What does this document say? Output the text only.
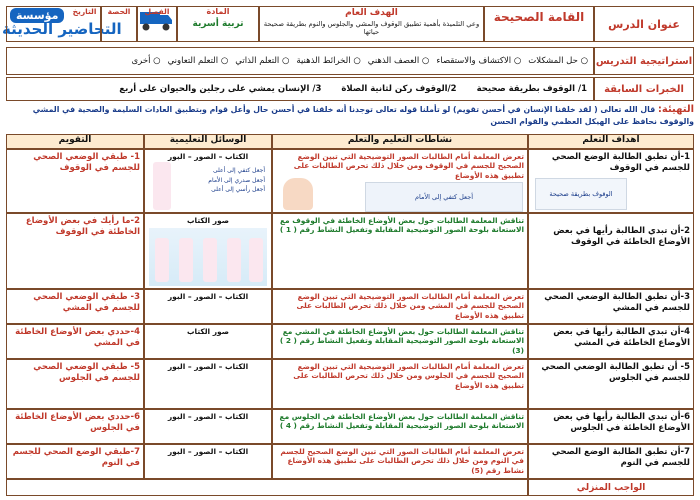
مؤسسة
التحاضير الحديثة	عنوان الدرس
القامة الصحيحة
الهدف العام
وعي التلميذة بأهمية تطبيق الوقوف والمشي والجلوس والنوم بطريقة صحيحة حياتها
المادة
تربية أسرية
الفصل
الحصة
التاريخ
استراتيجية التدريس
○ حل المشكلات
○ الاكتشاف والاستقصاء
○ العصف الذهني
○ الخرائط الذهنية
○ التعلم الذاتي
○ التعلم التعاوني
○ أخرى
الخبرات السابقة
1/ الوقوف بطريقة صحيحة
2/الوقوف ركن لثانية الصلاة
3/ الإنسان يمشي على رجلين والحيوان على أربع
التهيئة: قال الله تعالى ( لقد خلقنا الإنسان في أحسن تقويم) لو تأملنا قوله تعالى توجدنا أنه خلقنا في أحسن حال وأعل قوام وبتطبيق العادات السليمة والصحية في المشي والوقوف نحافظ على الهيكل العظمي والقوام الحسن
اهداف التعلم
نشاطات التعليم والتعلم
الوسائل التعليمية
التقويم
1-أن تطبق الطالبة الوضع الصحي للجسم في الوقوف
الوقوف بطريقة صحيحة
تعرض المعلمة أمام الطالبات الصور التوضيحية التي تبين الوضع الصحيح للجسم في الوقوف ومن خلال ذلك تحرص الطالبات على تطبيق هذه الأوضاع
أجعل كتفي إلى الأمام
الكتاب – الصور – البور
أجعل كتفي إلى أعلى
أجعل صدري إلى الأمام
أجعل رأسي إلى أعلى
1- طبقي الوضعي الصحي للجسم في الوقوف
2-أن تبدي الطالبة رأيها في بعض الأوضاع الخاطئة في الوقوف
تناقش المعلمة الطالبات حول بعض الأوضاع الخاطئة في الوقوف مع الاستعانة بلوحة الصور التوضيحية المقابلة وتفعيل النشاط رقم ( 1 )
صور الكتاب
2-ما رأيك في بعض الأوضاع الخاطئة في الوقوف
3-أن تطبق الطالبة الوضعي الصحي للجسم في المشي
تعرض المعلمة أمام الطالبات الصور التوضيحية التي تبين الوضع الصحيح للجسم في المشي ومن خلال ذلك تحرص الطالبات على تطبيق هذه الأوضاع
الكتاب – الصور – البور
3- طبقي الوضعي الصحي للجسم في المشي
4-أن تبدي الطالبة رأيها في بعض الأوضاع الخاطئة في المشي
تناقش المعلمة الطالبات حول بعض الأوضاع الخاطئة في المشي مع الاستعانة بلوحة الصور التوضيحية المقابلة وتفعيل النشاط رقم ( 2 ) (3)
صور الكتاب
4-حددي بعض الأوضاع الخاطئة في المشي
5- أن تطبق الطالبة الوضعي الصحي للجسم في الجلوس
تعرض المعلمة أمام الطالبات الصور التوضيحية التي تبين الوضع الصحيح للجسم في الجلوس ومن خلال ذلك تحرص الطالبات على تطبيق هذه الأوضاع
الكتاب – الصور – البور
5- طبقي الوضعي الصحي للجسم في الجلوس
6-أن تبدي الطالبة رأيها في بعض الأوضاع الخاطئة في الجلوس
تناقش المعلمة الطالبات حول بعض الأوضاع الخاطئة في الجلوس مع الاستعانة بلوحة الصور التوضيحية المقابلة وتفعيل النشاط رقم ( 4 )
الكتاب – الصور – البور
6-حددي بعض الأوضاع الخاطئة في الجلوس
7-أن تطبق الطالبة الوضع الصحي للجسم في النوم
تعرض المعلمة أمام الطالبات الصور التي تبين الوضع الصحيح للجسم في النوم ومن خلال ذلك تحرص الطالبات على تطبيق هذه الأوضاع نشاط رقم (5)
الكتاب – الصور – البور
7-طبقي الوضع الصحي للجسم في النوم
الواجب المنزلي
